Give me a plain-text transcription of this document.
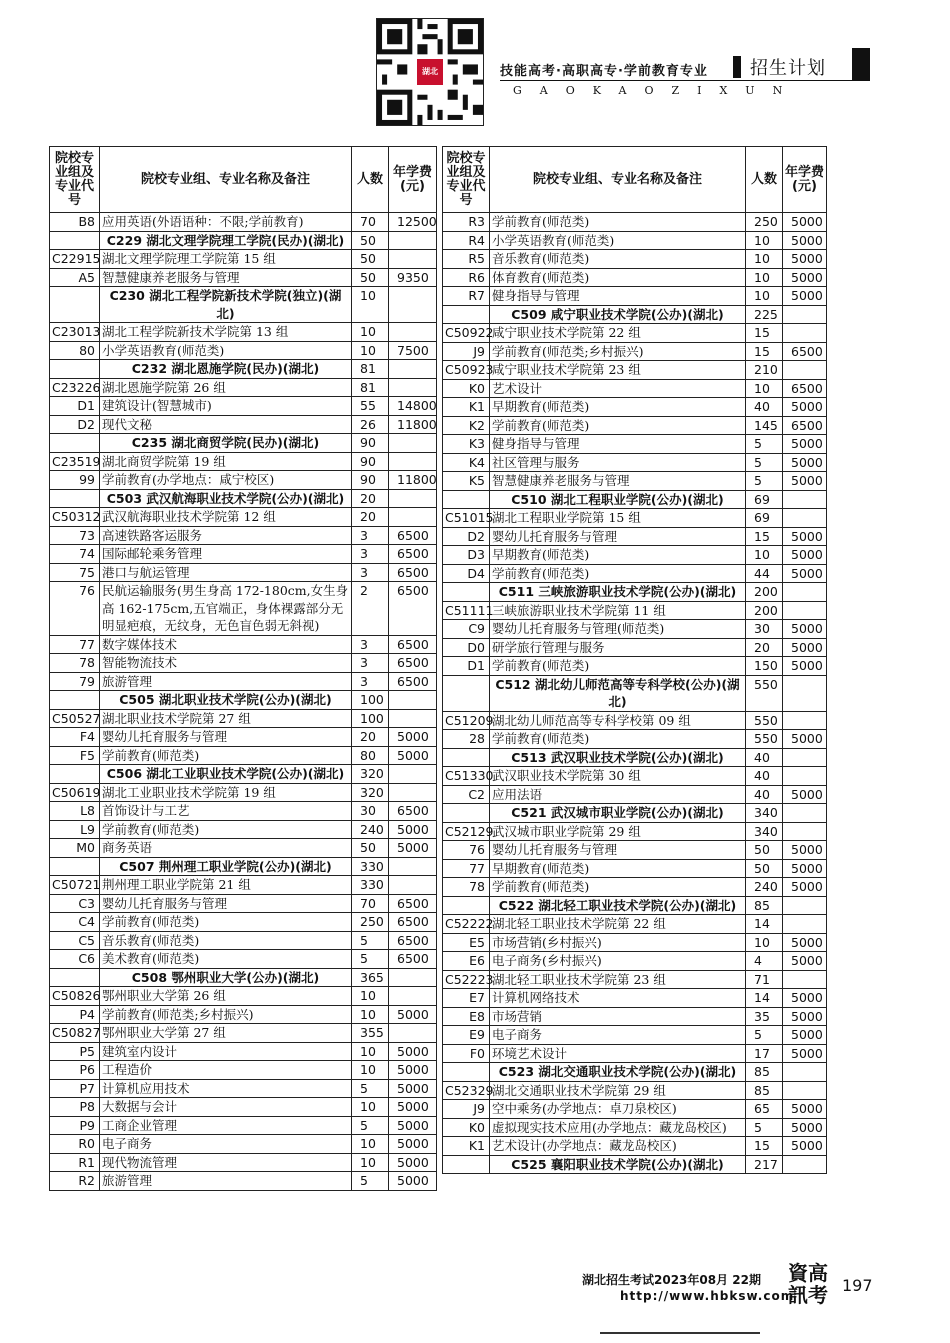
湖北	技能高考·高职高专·学前教育专业 招生计划
GAOKAOZIXUN
院校专业组及专业代号	院校专业组、专业名称及备注	人数	年学费(元)
B8	应用英语(外语语种：不限;学前教育)	70	12500
	C229 湖北文理学院理工学院(民办)(湖北)	50	
C22915	湖北文理学院理工学院第 15 组	50	
A5	智慧健康养老服务与管理	50	9350
	C230 湖北工程学院新技术学院(独立)(湖北)	10	
C23013	湖北工程学院新技术学院第 13 组	10	
80	小学英语教育(师范类)	10	7500
	C232 湖北恩施学院(民办)(湖北)	81	
C23226	湖北恩施学院第 26 组	81	
D1	建筑设计(智慧城市)	55	14800
D2	现代文秘	26	11800
	C235 湖北商贸学院(民办)(湖北)	90	
C23519	湖北商贸学院第 19 组	90	
99	学前教育(办学地点：咸宁校区)	90	11800
	C503 武汉航海职业技术学院(公办)(湖北)	20	
C50312	武汉航海职业技术学院第 12 组	20	
73	高速铁路客运服务	3	6500
74	国际邮轮乘务管理	3	6500
75	港口与航运管理	3	6500
76	民航运输服务(男生身高 172-180cm,女生身高 162-175cm,五官端正，身体裸露部分无明显疤痕，无纹身，无色盲色弱无斜视)	2	6500
77	数字媒体技术	3	6500
78	智能物流技术	3	6500
79	旅游管理	3	6500
	C505 湖北职业技术学院(公办)(湖北)	100	
C50527	湖北职业技术学院第 27 组	100	
F4	婴幼儿托育服务与管理	20	5000
F5	学前教育(师范类)	80	5000
	C506 湖北工业职业技术学院(公办)(湖北)	320	
C50619	湖北工业职业技术学院第 19 组	320	
L8	首饰设计与工艺	30	6500
L9	学前教育(师范类)	240	5000
M0	商务英语	50	5000
	C507 荆州理工职业学院(公办)(湖北)	330	
C50721	荆州理工职业学院第 21 组	330	
C3	婴幼儿托育服务与管理	70	6500
C4	学前教育(师范类)	250	6500
C5	音乐教育(师范类)	5	6500
C6	美术教育(师范类)	5	6500
	C508 鄂州职业大学(公办)(湖北)	365	
C50826	鄂州职业大学第 26 组	10	
P4	学前教育(师范类;乡村振兴)	10	5000
C50827	鄂州职业大学第 27 组	355	
P5	建筑室内设计	10	5000
P6	工程造价	10	5000
P7	计算机应用技术	5	5000
P8	大数据与会计	10	5000
P9	工商企业管理	5	5000
R0	电子商务	10	5000
R1	现代物流管理	10	5000
R2	旅游管理	5	5000
院校专业组及专业代号	院校专业组、专业名称及备注	人数	年学费(元)
R3	学前教育(师范类)	250	5000
R4	小学英语教育(师范类)	10	5000
R5	音乐教育(师范类)	10	5000
R6	体育教育(师范类)	10	5000
R7	健身指导与管理	10	5000
	C509 咸宁职业技术学院(公办)(湖北)	225	
C50922	咸宁职业技术学院第 22 组	15	
J9	学前教育(师范类;乡村振兴)	15	6500
C50923	咸宁职业技术学院第 23 组	210	
K0	艺术设计	10	6500
K1	早期教育(师范类)	40	5000
K2	学前教育(师范类)	145	6500
K3	健身指导与管理	5	5000
K4	社区管理与服务	5	5000
K5	智慧健康养老服务与管理	5	5000
	C510 湖北工程职业学院(公办)(湖北)	69	
C51015	湖北工程职业学院第 15 组	69	
D2	婴幼儿托育服务与管理	15	5000
D3	早期教育(师范类)	10	5000
D4	学前教育(师范类)	44	5000
	C511 三峡旅游职业技术学院(公办)(湖北)	200	
C51111	三峡旅游职业技术学院第 11 组	200	
C9	婴幼儿托育服务与管理(师范类)	30	5000
D0	研学旅行管理与服务	20	5000
D1	学前教育(师范类)	150	5000
	C512 湖北幼儿师范高等专科学校(公办)(湖北)	550	
C51209	湖北幼儿师范高等专科学校第 09 组	550	
28	学前教育(师范类)	550	5000
	C513 武汉职业技术学院(公办)(湖北)	40	
C51330	武汉职业技术学院第 30 组	40	
C2	应用法语	40	5000
	C521 武汉城市职业学院(公办)(湖北)	340	
C52129	武汉城市职业学院第 29 组	340	
76	婴幼儿托育服务与管理	50	5000
77	早期教育(师范类)	50	5000
78	学前教育(师范类)	240	5000
	C522 湖北轻工职业技术学院(公办)(湖北)	85	
C52222	湖北轻工职业技术学院第 22 组	14	
E5	市场营销(乡村振兴)	10	5000
E6	电子商务(乡村振兴)	4	5000
C52223	湖北轻工职业技术学院第 23 组	71	
E7	计算机网络技术	14	5000
E8	市场营销	35	5000
E9	电子商务	5	5000
F0	环境艺术设计	17	5000
	C523 湖北交通职业技术学院(公办)(湖北)	85	
C52329	湖北交通职业技术学院第 29 组	85	
J9	空中乘务(办学地点：卓刀泉校区)	65	5000
K0	虚拟现实技术应用(办学地点：藏龙岛校区)	5	5000
K1	艺术设计(办学地点：藏龙岛校区)	15	5000
	C525 襄阳职业技术学院(公办)(湖北)	217	
湖北招生考试2023年08月 22期
http://www.hbksw.com
資高訊考 197
